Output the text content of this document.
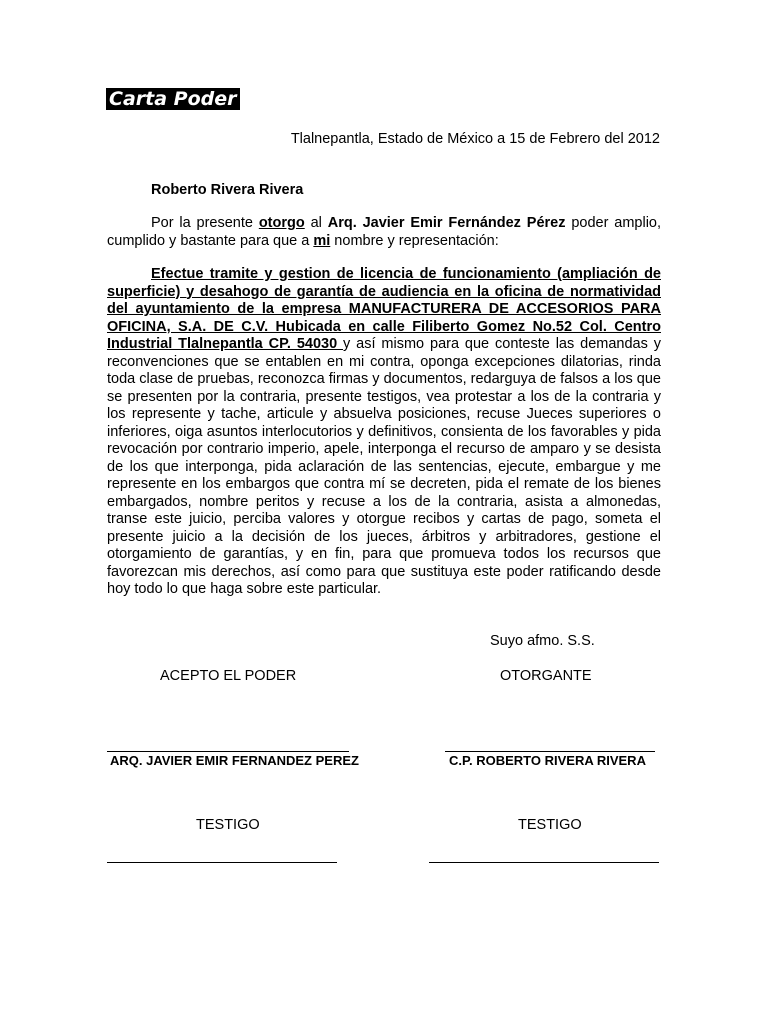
Carta Poder
Tlalnepantla, Estado de México a 15 de Febrero del 2012
Roberto Rivera Rivera

Por la presente otorgo al Arq. Javier Emir Fernández Pérez poder amplio, cumplido y bastante para que a mi nombre y representación:

Efectue tramite y gestion de licencia de funcionamiento (ampliación de superficie) y desahogo de garantía de audiencia en la oficina de normatividad del ayuntamiento de la empresa MANUFACTURERA DE ACCESORIOS PARA OFICINA, S.A. DE C.V. Hubicada en calle Filiberto Gomez No.52 Col. Centro Industrial Tlalnepantla CP. 54030 y así mismo para que conteste las demandas y reconvenciones que se entablen en mi contra, oponga excepciones dilatorias, rinda toda clase de pruebas, reconozca firmas y documentos, redarguya de falsos a los que se presenten por la contraria, presente testigos, vea protestar a los de la contraria y los represente y tache, articule y absuelva posiciones, recuse Jueces superiores o inferiores, oiga asuntos interlocutorios y definitivos, consienta de los favorables y pida revocación por contrario imperio, apele, interponga el recurso de amparo y se desista de los que interponga, pida aclaración de las sentencias, ejecute, embargue y me represente en los embargos que contra mí se decreten, pida el remate de los bienes embargados, nombre peritos y recuse a los de la contraria, asista a almonedas, transe este juicio, perciba valores y otorgue recibos y cartas de pago, someta el presente juicio a la decisión de los jueces, árbitros y arbitradores, gestione el otorgamiento de garantías, y en fin, para que promueva todos los recursos que favorezcan mis derechos, así como para que sustituya este poder ratificando desde hoy todo lo que haga sobre este particular.

Suyo afmo. S.S.
ACEPTO EL PODER	OTORGANTE
ARQ. JAVIER EMIR FERNANDEZ PEREZ	C.P. ROBERTO RIVERA RIVERA
TESTIGO	TESTIGO
